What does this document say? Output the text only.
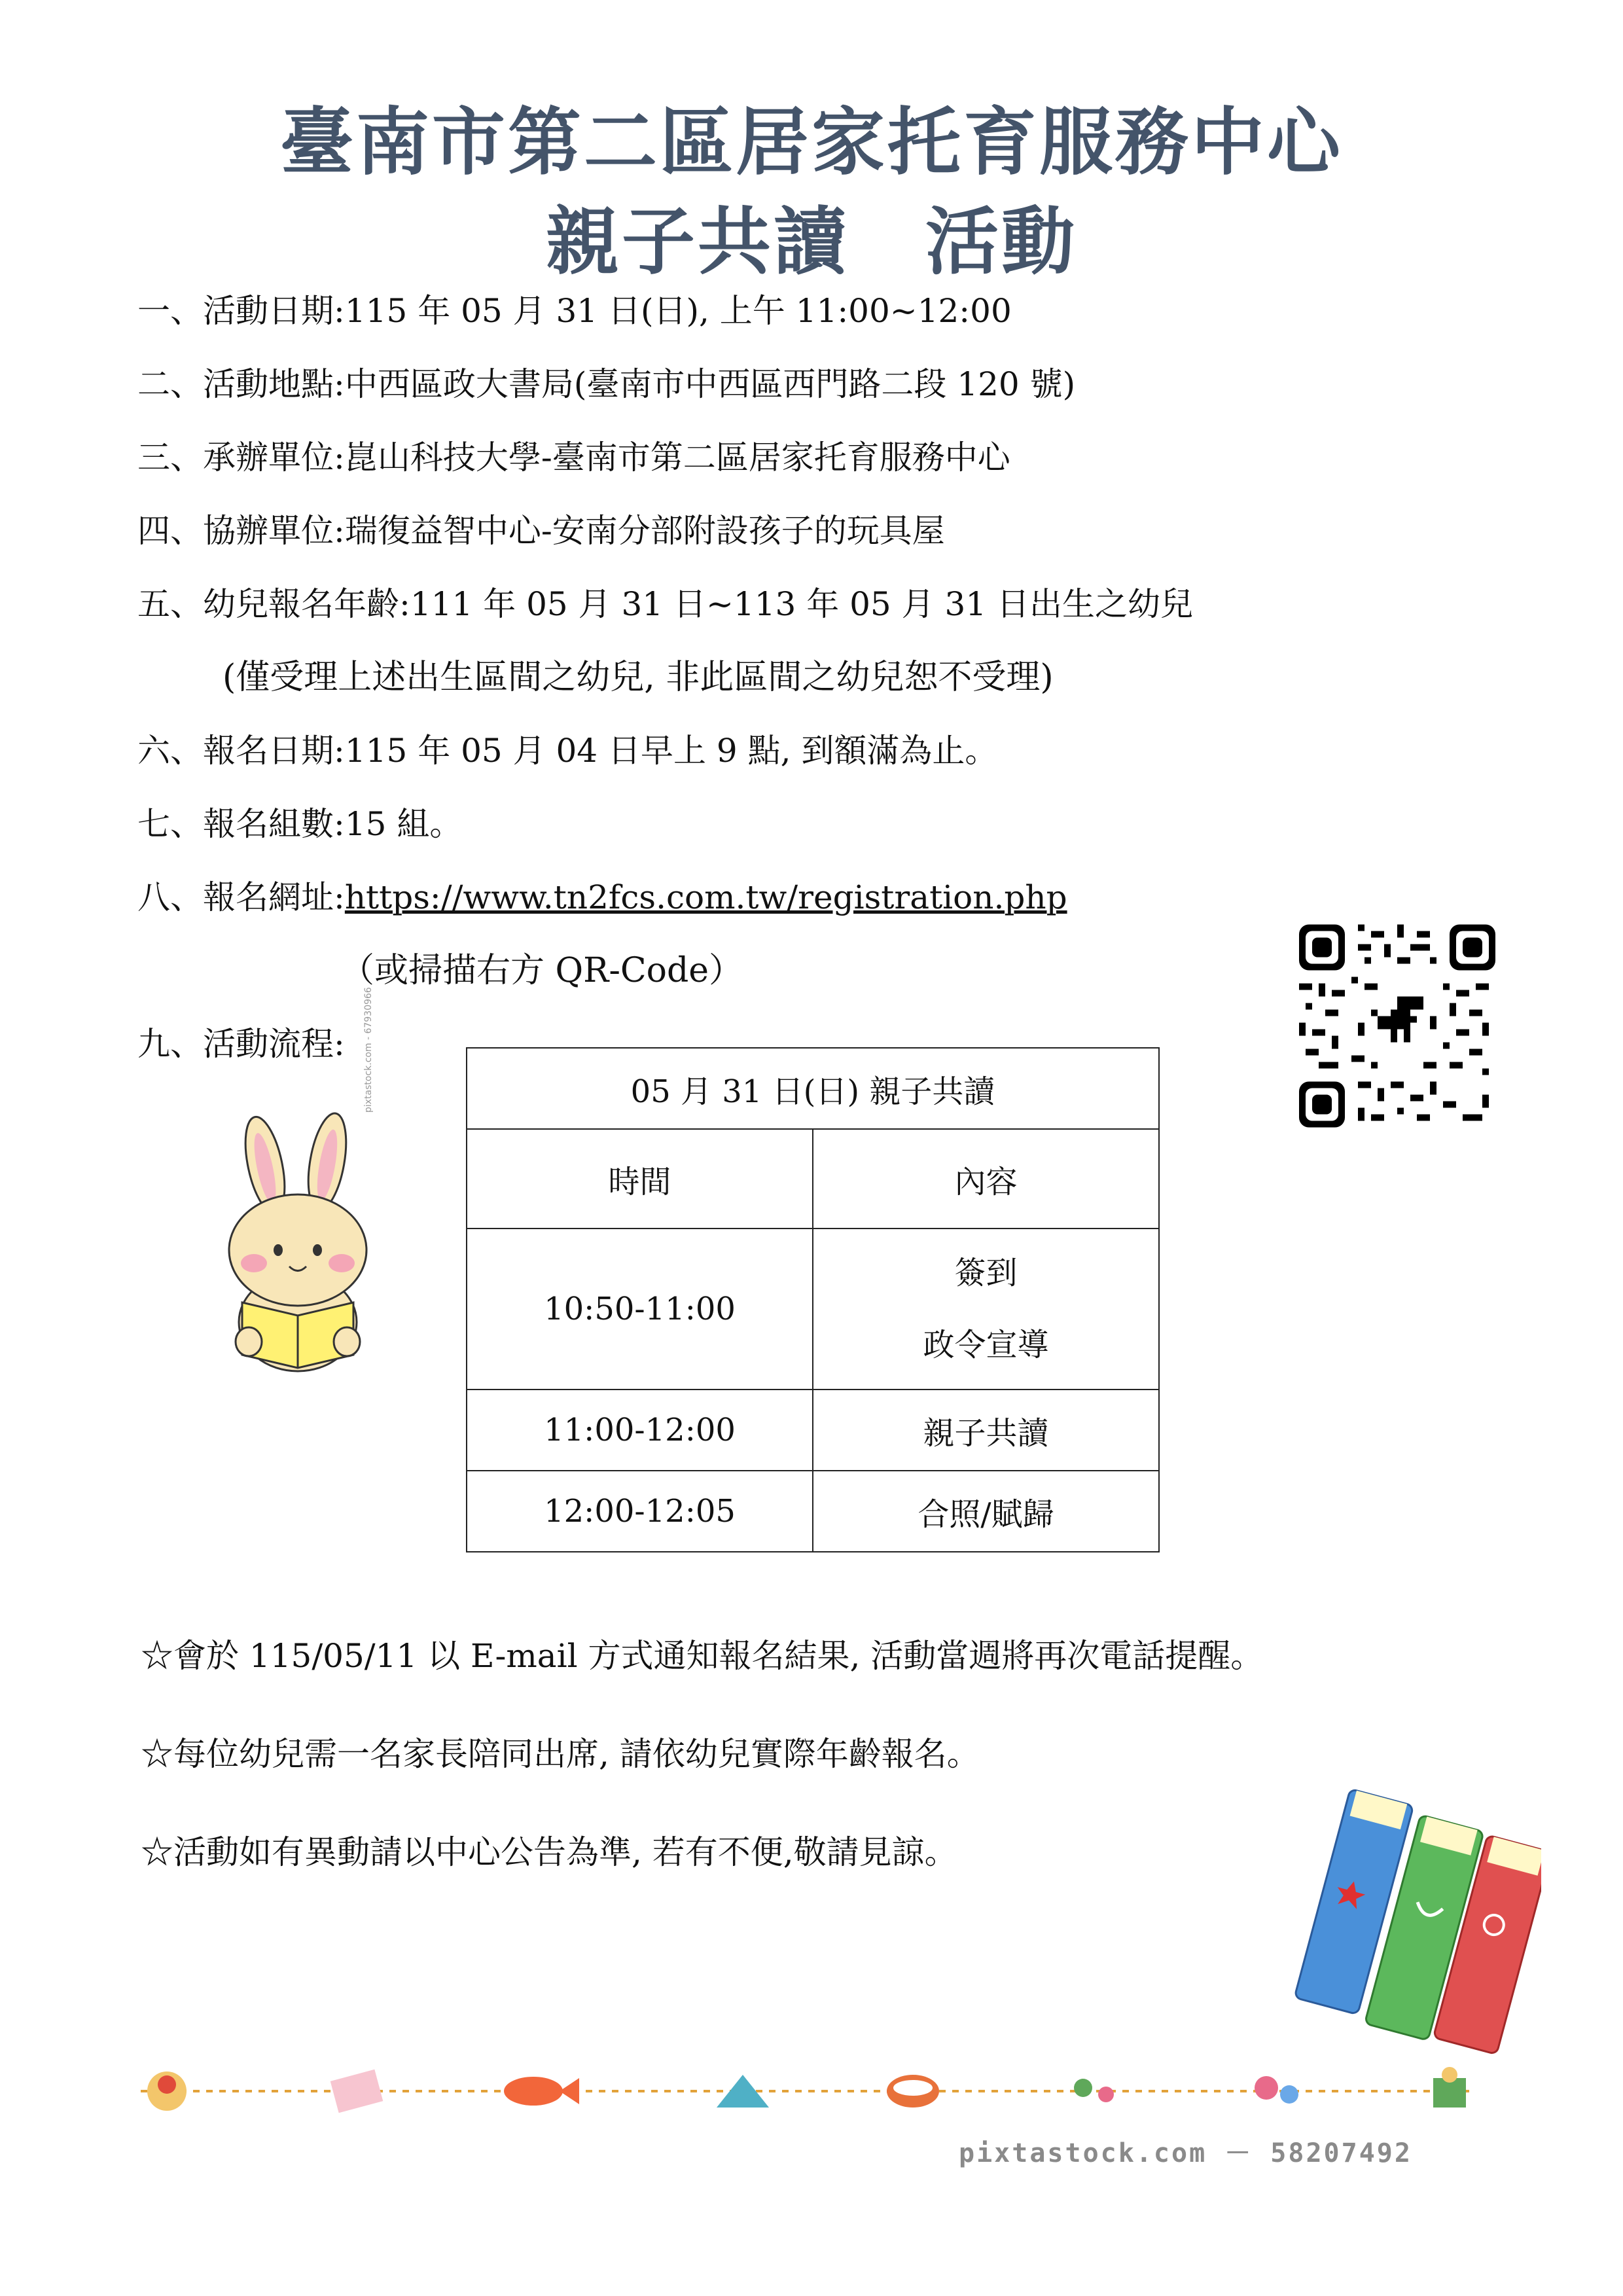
臺南市第二區居家托育服務中心
親子共讀　活動
一、活動日期:115 年 05 月 31 日(日), 上午 11:00~12:00
二、活動地點:中西區政大書局(臺南市中西區西門路二段 120 號)
三、承辦單位:崑山科技大學-臺南市第二區居家托育服務中心
四、協辦單位:瑞復益智中心-安南分部附設孩子的玩具屋
五、幼兒報名年齡:111 年 05 月 31 日~113 年 05 月 31 日出生之幼兒
(僅受理上述出生區間之幼兒, 非此區間之幼兒恕不受理)
六、報名日期:115 年 05 月 04 日早上 9 點, 到額滿為止。
七、報名組數:15 組。
八、報名網址:https://www.tn2fcs.com.tw/registration.php
（或掃描右方 QR-Code）
九、活動流程: pixtastock.com - 67930966	05 月 31 日(日) 親子共讀	
時間	內容
10:50-11:00	簽到
政令宣導

11:00-12:00	親子共讀
12:00-12:05	合照/賦歸
☆會於 115/05/11 以 E-mail 方式通知報名結果, 活動當週將再次電話提醒。
☆每位幼兒需一名家長陪同出席, 請依幼兒實際年齡報名。
☆活動如有異動請以中心公告為準, 若有不便,敬請見諒。
pixtastock.com － 58207492
